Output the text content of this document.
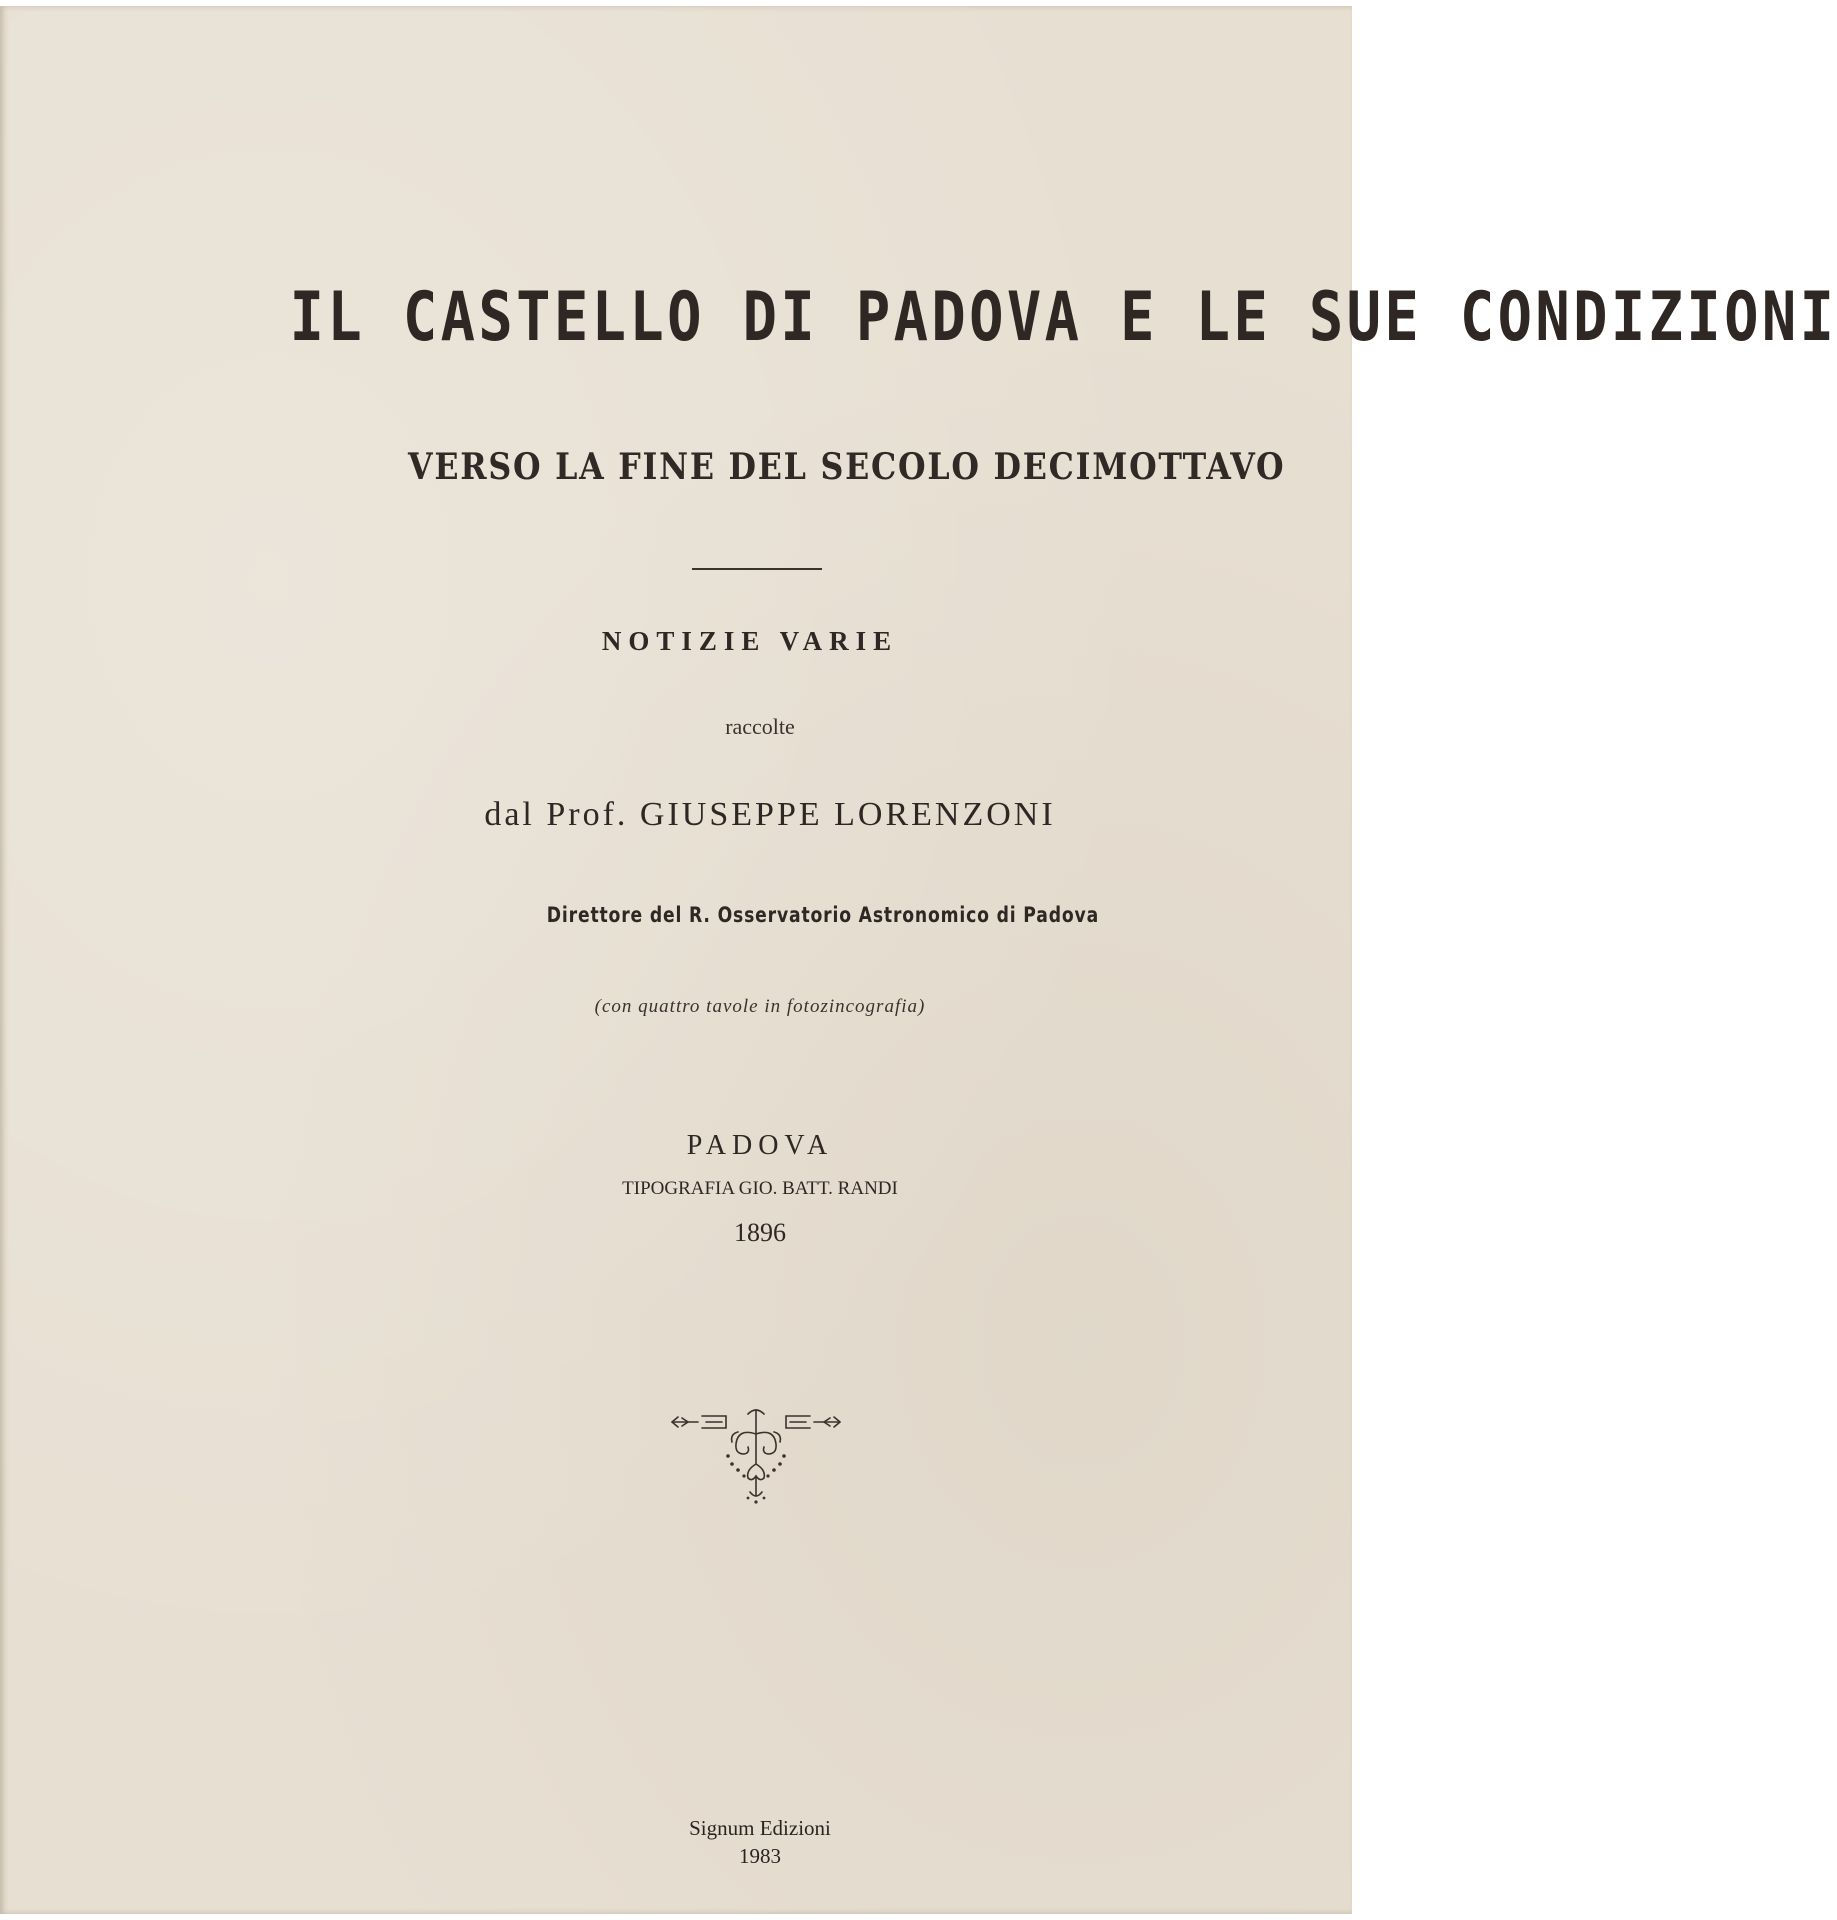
IL CASTELLO DI PADOVA E LE SUE CONDIZIONI

VERSO LA FINE DEL SECOLO DECIMOTTAVO

NOTIZIE VARIE

raccolte

dal Prof. GIUSEPPE LORENZONI

Direttore del R. Osservatorio Astronomico di Padova

(con quattro tavole in fotozincografia)

PADOVA

TIPOGRAFIA GIO. BATT. RANDI

1896

Signum Edizioni

1983
